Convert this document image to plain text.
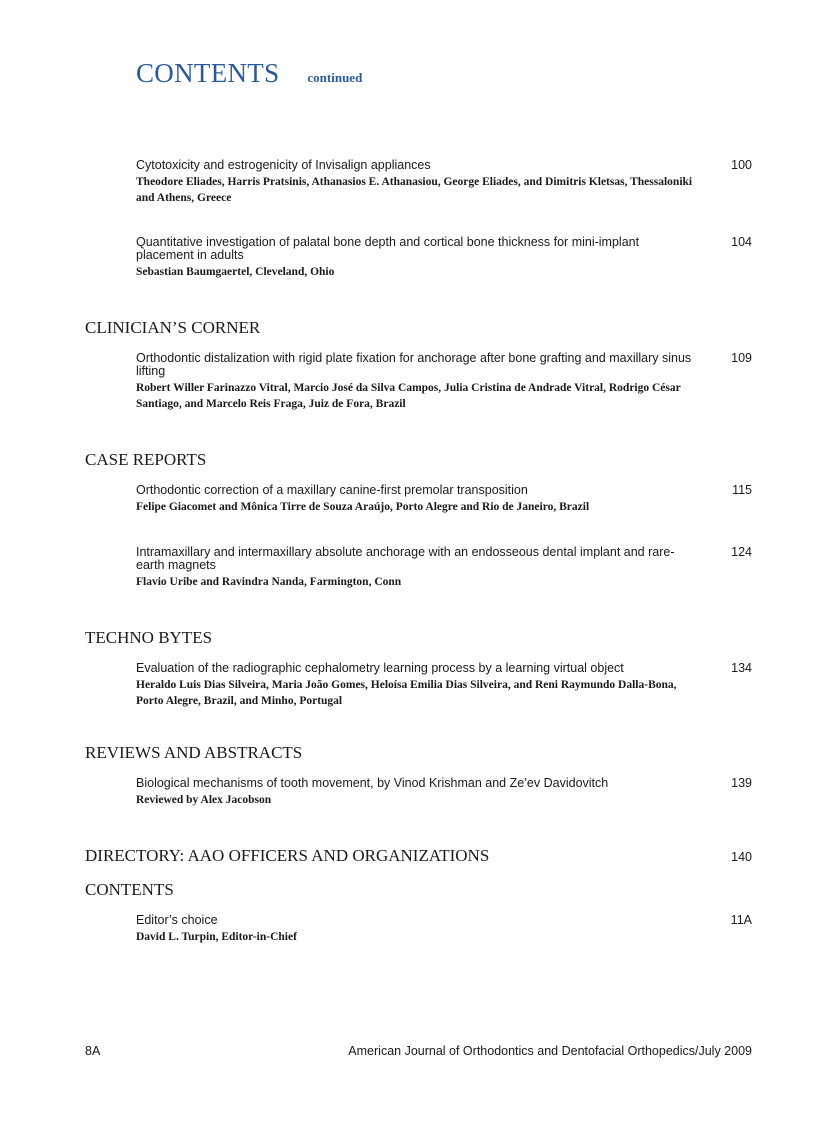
CONTENTS continued
Cytotoxicity and estrogenicity of Invisalign appliances
Theodore Eliades, Harris Pratsinis, Athanasios E. Athanasiou, George Eliades, and Dimitris Kletsas, Thessaloniki and Athens, Greece
100
Quantitative investigation of palatal bone depth and cortical bone thickness for mini-implant placement in adults
Sebastian Baumgaertel, Cleveland, Ohio
104
CLINICIAN’S CORNER
Orthodontic distalization with rigid plate fixation for anchorage after bone grafting and maxillary sinus lifting
Robert Willer Farinazzo Vitral, Marcio José da Silva Campos, Julia Cristina de Andrade Vitral, Rodrigo César Santiago, and Marcelo Reis Fraga, Juiz de Fora, Brazil
109
CASE REPORTS
Orthodontic correction of a maxillary canine-first premolar transposition
Felipe Giacomet and Mônica Tirre de Souza Araújo, Porto Alegre and Rio de Janeiro, Brazil
115
Intramaxillary and intermaxillary absolute anchorage with an endosseous dental implant and rare-earth magnets
Flavio Uribe and Ravindra Nanda, Farmington, Conn
124
TECHNO BYTES
Evaluation of the radiographic cephalometry learning process by a learning virtual object
Heraldo Luis Dias Silveira, Maria João Gomes, Heloísa Emilia Dias Silveira, and Reni Raymundo Dalla-Bona, Porto Alegre, Brazil, and Minho, Portugal
134
REVIEWS AND ABSTRACTS
Biological mechanisms of tooth movement, by Vinod Krishman and Ze’ev Davidovitch
Reviewed by Alex Jacobson
139
DIRECTORY: AAO OFFICERS AND ORGANIZATIONS	140
CONTENTS
Editor’s choice
David L. Turpin, Editor-in-Chief
11A
8A	American Journal of Orthodontics and Dentofacial Orthopedics/July 2009
